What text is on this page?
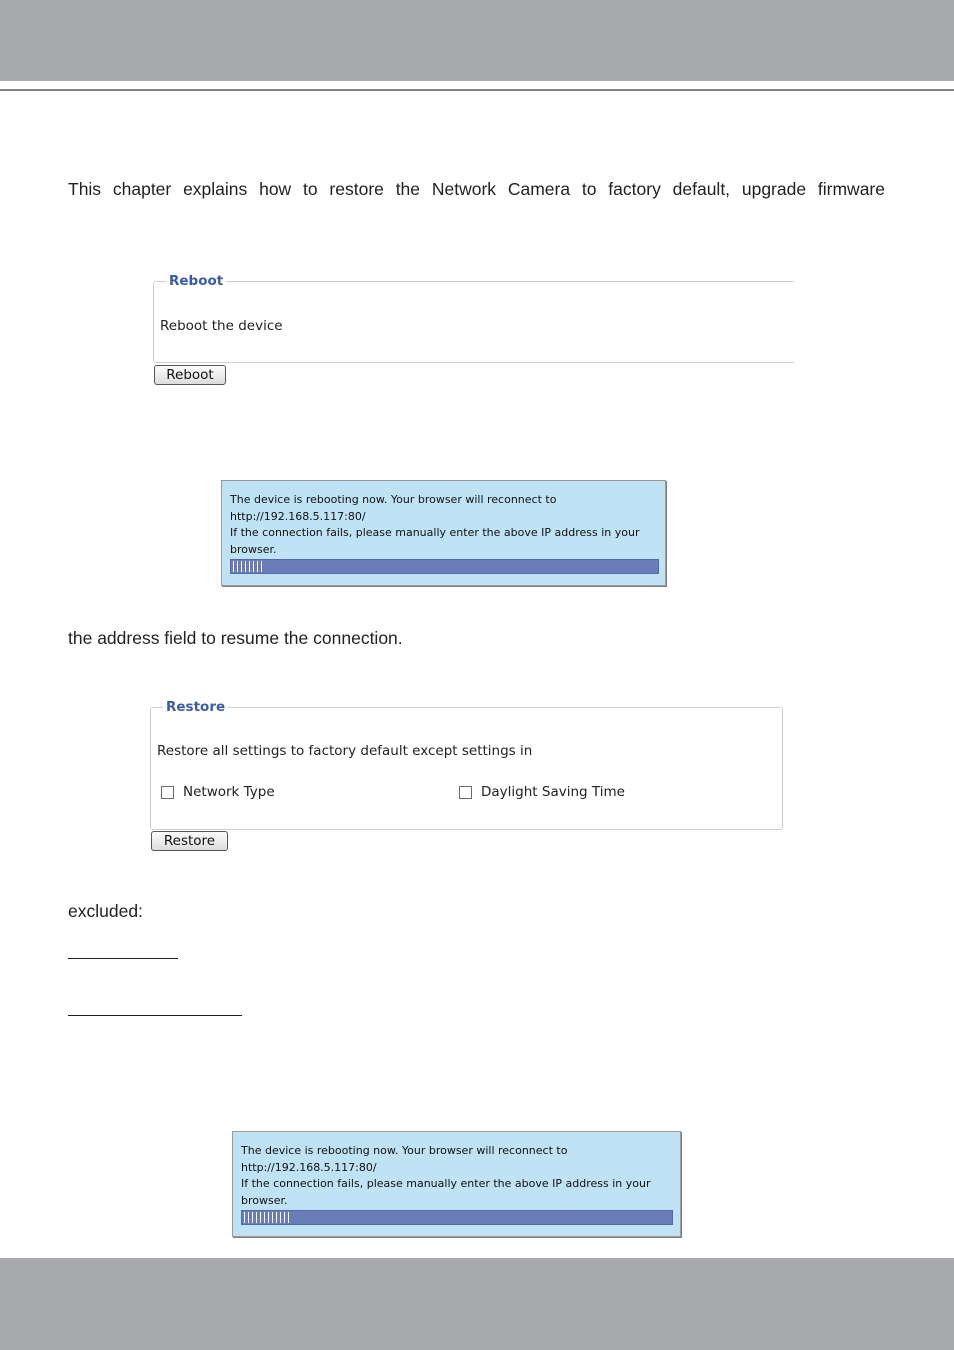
This chapter explains how to restore the Network Camera to factory default, upgrade firmware
Reboot
Reboot the device
Reboot
The device is rebooting now. Your browser will reconnect to
http://192.168.5.117:80/
If the connection fails, please manually enter the above IP address in your
browser.
the address field to resume the connection.
Restore
Restore all settings to factory default except settings in
Network Type	Daylight Saving Time
Restore
excluded:
The device is rebooting now. Your browser will reconnect to
http://192.168.5.117:80/
If the connection fails, please manually enter the above IP address in your
browser.
